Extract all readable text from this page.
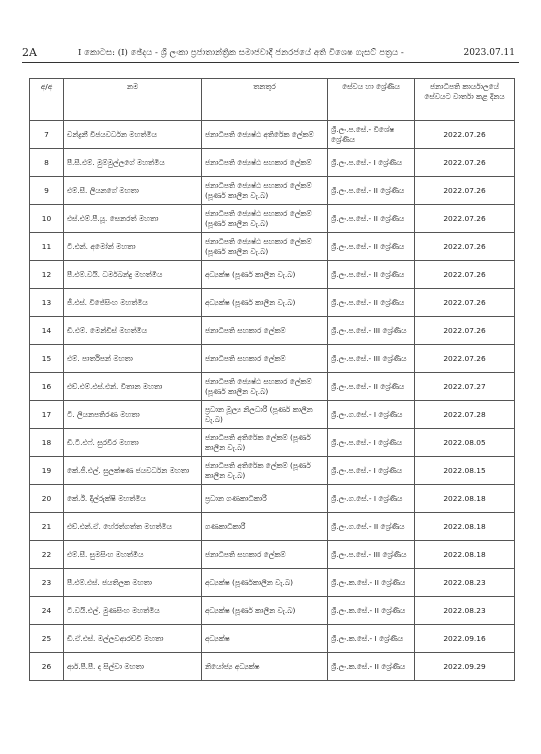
2A	I කොටස: (I) ඡේදය - ශ්‍රී ලංකා ප්‍රජාතාන්ත්‍රික සමාජවාදී ජනරජයේ අති විශෙෂ ගැසට් පත්‍රය -	2023.07.11
අ/අ	නම	තනතුර	සේවය හා ශ්‍රේණිය	ජනාධිපති කාර්යාලයේ සේවයට වාර්තා කළ දිනය
7	චන්ද්‍රනී විජයවර්ධන මහත්මිය	ජනාධිපති ජ්‍යෙෂ්ඨ අතිරේක ලේකම්	ශ්‍රී.ලං.ප.සේ.- විශේෂ ශ්‍රේණිය	2022.07.26
8	පී.සී.එම්. මුම්මුල්ලගේ මහත්මිය	ජනාධිපති ජ්‍යෙෂ්ඨ සහකාර ලේකම්	ශ්‍රී.ලං.ප.සේ.- I ශ්‍රේණිය	2022.07.26
9	එම්.සී. ලියනගේ මහතා	ජනාධිපති ජ්‍යෙෂ්ඨ සහකාර ලේකම් (පූර්ණ කාලීන වැ.බ)	ශ්‍රී.ලං.ප.සේ.- II ශ්‍රේණිය	2022.07.26
10	එස්.එම්.පී.යූ. සෙනරත් මහතා	ජනාධිපති ජ්‍යෙෂ්ඨ සහකාර ලේකම් (පූර්ණ කාලීන වැ.බ)	ශ්‍රී.ලං.ප.සේ.- II ශ්‍රේණිය	2022.07.26
11	ටී.එන්. අමෝන් මහතා	ජනාධිපති ජ්‍යෙෂ්ඨ සහකාර ලේකම් (පූර්ණ කාලීන වැ.බ)	ශ්‍රී.ලං.ප.සේ.- II ශ්‍රේණිය	2022.07.26
12	පී.එම්.වයි. ධර්මබන්දු මහත්මිය	අධ්‍යක්ෂ (පූර්ණ කාලීන වැ.බ)	ශ්‍රී.ලං.ප.සේ.- II ශ්‍රේණිය	2022.07.26
13	ජී.එස්. විජේසිංහ මහත්මිය	අධ්‍යක්ෂ (පූර්ණ කාලීන වැ.බ)	ශ්‍රී.ලං.ප.සේ.- II ශ්‍රේණිය	2022.07.26
14	ඩී.එම්. මෙන්ඩිස් මහත්මිය	ජනාධිපති සහකාර ලේකම්	ශ්‍රී.ලං.ප.සේ.- III ශ්‍රේණිය	2022.07.26
15	එම්. පාර්තිපන් මහතා	ජනාධිපති සහකාර ලේකම්	ශ්‍රී.ලං.ප.සේ.- III ශ්‍රේණිය	2022.07.26
16	එච්.එම්.එස්.එන්. විතාන මහතා	ජනාධිපති ජ්‍යෙෂ්ඨ සහකාර ලේකම් (පූර්ණ කාලීන වැ.බ)	ශ්‍රී.ලං.ප.සේ.- II ශ්‍රේණිය	2022.07.27
17	ටී. ලියනපතිරණ මහතා	ප්‍රධාන මූල්‍ය නිලධාරී (පූර්ණ කාලීන වැ.බ)	ශ්‍රී.ලං.ග.සේ.- I ශ්‍රේණිය	2022.07.28
18	ඩී.ටී.එෆ්. සුරවීර මහතා	ජනාධිපති අතිරේක ලේකම් (පූර්ණ කාලීන වැ.බ)	ශ්‍රී.ලං.ප.සේ.- I ශ්‍රේණිය	2022.08.05
19	කේ.ජී.එල්. සුලක්ෂණ ජයවර්ධන මහතා	ජනාධිපති අතිරේක ලේකම් (පූර්ණ කාලීන වැ.බ)	ශ්‍රී.ලං.ප.සේ.- I ශ්‍රේණිය	2022.08.15
20	කේ.ඊ. දිල්රුක්ෂි මහත්මිය	ප්‍රධාන ගණකාධිකාරී	ශ්‍රී.ලං.ග.සේ.- I ශ්‍රේණිය	2022.08.18
21	එච්.එන්.ඒ. හේරත්ගත්ත මහත්මිය	ගණකාධිකාරී	ශ්‍රී.ලං.ග.සේ.- II ශ්‍රේණිය	2022.08.18
22	එම්.සී. සුමසිංහ මහත්මිය	ජනාධිපති සහකාර ලේකම්	ශ්‍රී.ලං.ප.සේ.- III ශ්‍රේණිය	2022.08.18
23	පී.එම්.එස්. ජයතිලක මහතා	අධ්‍යක්ෂ (පූර්ණකාලීන වැ.බ)	ශ්‍රී.ලං.ක.සේ.- II ශ්‍රේණිය	2022.08.23
24	ටී.වයි.එල්. මුණසිංහ මහත්මිය	අධ්‍යක්ෂ (පූර්ණ කාලීන වැ.බ)	ශ්‍රී.ලං.ක.සේ.- II ශ්‍රේණිය	2022.08.23
25	ඩී.ඒ.එස්. මල්ලවආරච්චි මහතා	අධ්‍යක්ෂ	ශ්‍රී.ලං.ක.සේ.- I ශ්‍රේණිය	2022.09.16
26	ආර්.පී.පී. ද සිල්වා මහතා	නියෝජ්‍ය අධ්‍යක්ෂ	ශ්‍රී.ලං.ක.සේ.- II ශ්‍රේණිය	2022.09.29
